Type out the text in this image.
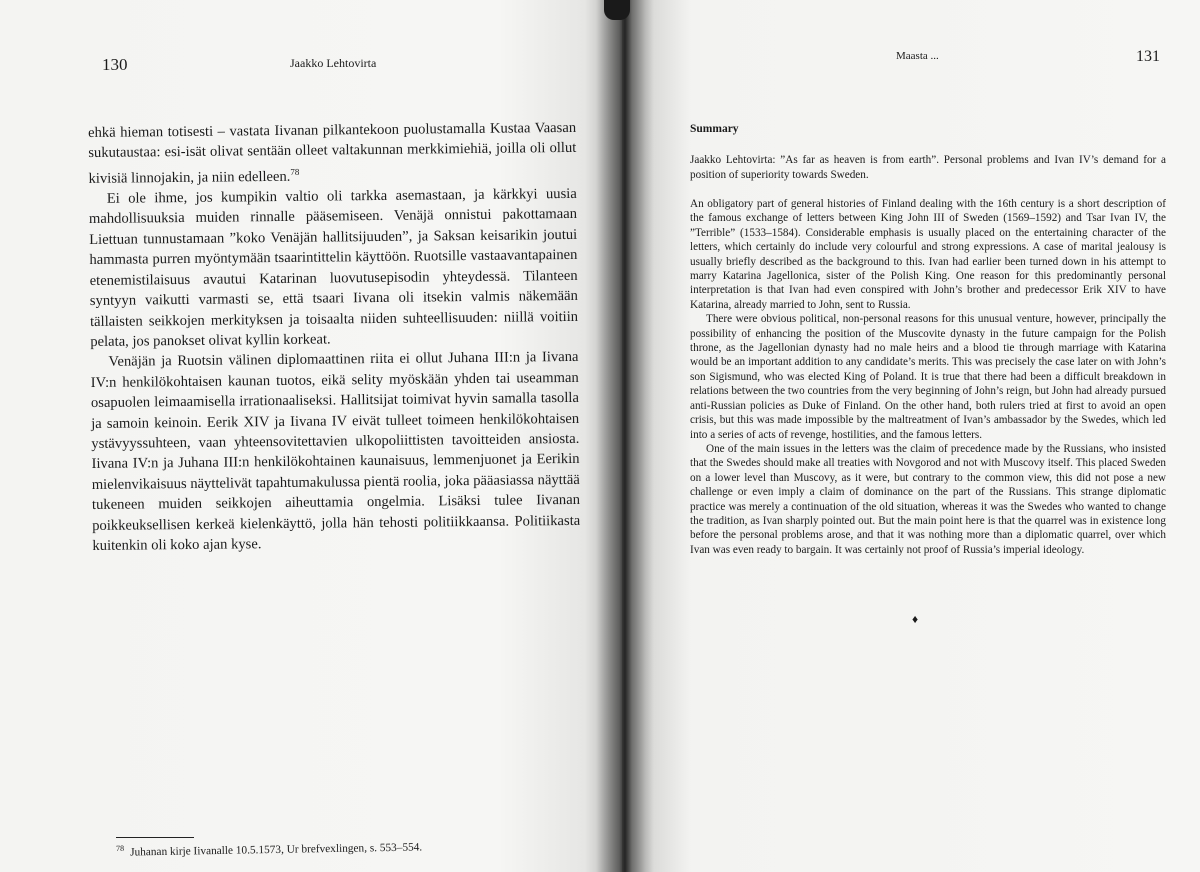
130	Jaakko Lehtovirta

ehkä hieman totisesti – vastata Iivanan pilkantekoon puolustamalla Kustaa Vaasan sukutaustaa: esi-isät olivat sentään olleet valtakunnan merkkimiehiä, joilla oli ollut kivisiä linnojakin, ja niin edelleen.$^{78}$

Ei ole ihme, jos kumpikin valtio oli tarkka asemastaan, ja kärkkyi uusia mahdollisuuksia muiden rinnalle pääsemiseen. Venäjä onnistui pakottamaan Liettuan tunnustamaan ”koko Venäjän hallitsijuuden”, ja Saksan keisarikin joutui hammasta purren myöntymään tsaarintittelin käyttöön. Ruotsille vastaavantapainen etenemistilaisuus avautui Katarinan luovutusepisodin yhteydessä. Tilanteen syntyyn vaikutti varmasti se, että tsaari Iivana oli itsekin valmis näkemään tällaisten seikkojen merkityksen ja toisaalta niiden suhteellisuuden: niillä voitiin pelata, jos panokset olivat kyllin korkeat.

Venäjän ja Ruotsin välinen diplomaattinen riita ei ollut Juhana III:n ja Iivana IV:n henkilökohtaisen kaunan tuotos, eikä selity myöskään yhden tai useamman osapuolen leimaamisella irrationaaliseksi. Hallitsijat toimivat hyvin samalla tasolla ja samoin keinoin. Eerik XIV ja Iivana IV eivät tulleet toimeen henkilökohtaisen ystävyyssuhteen, vaan yhteensovitettavien ulkopoliittisten tavoitteiden ansiosta. Iivana IV:n ja Juhana III:n henkilökohtainen kaunaisuus, lemmenjuonet ja Eerikin mielenvikaisuus näyttelivät tapahtumakulussa pientä roolia, joka pääasiassa näyttää tukeneen muiden seikkojen aiheuttamia ongelmia. Lisäksi tulee Iivanan poikkeuksellisen kerkeä kielenkäyttö, jolla hän tehosti politiikkaansa. Politiikasta kuitenkin oli koko ajan kyse.

$^{78}$ Juhanan kirje Iivanalle 10.5.1573, Ur brefvexlingen, s. 553–554.
Maasta ...	131
Summary
Jaakko Lehtovirta: ”As far as heaven is from earth”. Personal problems and Ivan IV’s demand for a position of superiority towards Sweden.

An obligatory part of general histories of Finland dealing with the 16th century is a short description of the famous exchange of letters between King John III of Sweden (1569–1592) and Tsar Ivan IV, the ”Terrible” (1533–1584). Considerable emphasis is usually placed on the entertaining character of the letters, which certainly do include very colourful and strong expressions. A case of marital jealousy is usually briefly described as the background to this. Ivan had earlier been turned down in his attempt to marry Katarina Jagellonica, sister of the Polish King. One reason for this predominantly personal interpretation is that Ivan had even conspired with John’s brother and predecessor Erik XIV to have Katarina, already married to John, sent to Russia.

There were obvious political, non-personal reasons for this unusual venture, however, principally the possibility of enhancing the position of the Muscovite dynasty in the future campaign for the Polish throne, as the Jagellonian dynasty had no male heirs and a blood tie through marriage with Katarina would be an important addition to any candidate’s merits. This was precisely the case later on with John’s son Sigismund, who was elected King of Poland. It is true that there had been a difficult breakdown in relations between the two countries from the very beginning of John’s reign, but John had already pursued anti-Russian policies as Duke of Finland. On the other hand, both rulers tried at first to avoid an open crisis, but this was made impossible by the maltreatment of Ivan’s ambassador by the Swedes, which led into a series of acts of revenge, hostilities, and the famous letters.

One of the main issues in the letters was the claim of precedence made by the Russians, who insisted that the Swedes should make all treaties with Novgorod and not with Muscovy itself. This placed Sweden on a lower level than Muscovy, as it were, but contrary to the common view, this did not pose a new challenge or even imply a claim of dominance on the part of the Russians. This strange diplomatic practice was merely a continuation of the old situation, whereas it was the Swedes who wanted to change the tradition, as Ivan sharply pointed out. But the main point here is that the quarrel was in existence long before the personal problems arose, and that it was nothing more than a diplomatic quarrel, over which Ivan was even ready to bargain. It was certainly not proof of Russia’s imperial ideology.

♦
